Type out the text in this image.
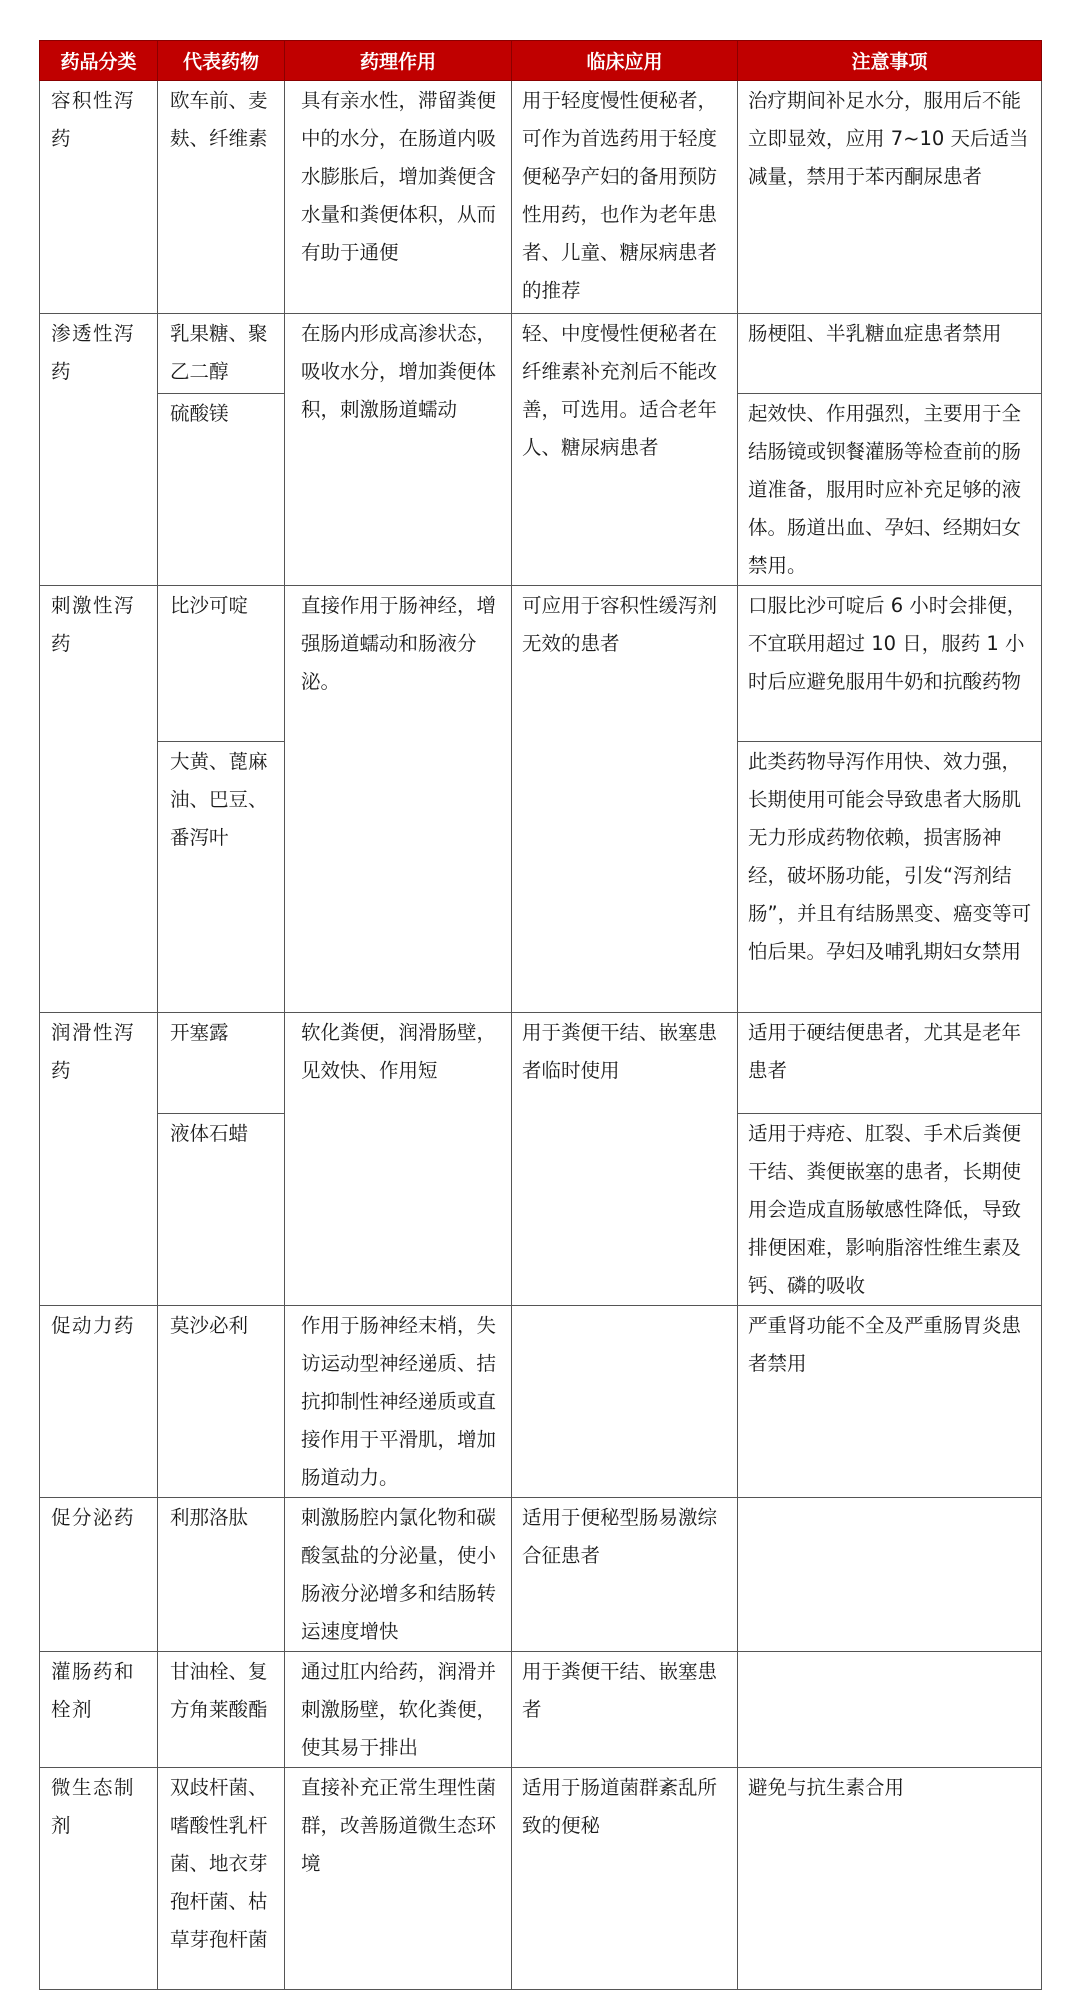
药品分类	代表药物	药理作用	临床应用	注意事项

容积性泻药	欧车前、麦麸、纤维素	具有亲水性，滞留粪便中的水分，在肠道内吸水膨胀后，增加粪便含水量和粪便体积，从而有助于通便	用于轻度慢性便秘者，可作为首选药用于轻度便秘孕产妇的备用预防性用药，也作为老年患者、儿童、糖尿病患者的推荐	治疗期间补足水分，服用后不能立即显效，应用 7~10 天后适当减量，禁用于苯丙酮尿患者

渗透性泻药	乳果糖、聚乙二醇	在肠内形成高渗状态，吸收水分，增加粪便体积，刺激肠道蠕动	轻、中度慢性便秘者在纤维素补充剂后不能改善，可选用。适合老年人、糖尿病患者	肠梗阻、半乳糖血症患者禁用

	硫酸镁			起效快、作用强烈，主要用于全结肠镜或钡餐灌肠等检查前的肠道准备，服用时应补充足够的液体。肠道出血、孕妇、经期妇女禁用。

刺激性泻药	比沙可啶	直接作用于肠神经，增强肠道蠕动和肠液分泌。	可应用于容积性缓泻剂无效的患者	口服比沙可啶后 6 小时会排便，不宜联用超过 10 日，服药 1 小时后应避免服用牛奶和抗酸药物

	大黄、蓖麻油、巴豆、番泻叶			此类药物导泻作用快、效力强，长期使用可能会导致患者大肠肌无力形成药物依赖，损害肠神经，破坏肠功能，引发“泻剂结肠”，并且有结肠黑变、癌变等可怕后果。孕妇及哺乳期妇女禁用

润滑性泻药	开塞露	软化粪便，润滑肠壁，见效快、作用短	用于粪便干结、嵌塞患者临时使用	适用于硬结便患者，尤其是老年患者

	液体石蜡			适用于痔疮、肛裂、手术后粪便干结、粪便嵌塞的患者，长期使用会造成直肠敏感性降低，导致排便困难，影响脂溶性维生素及钙、磷的吸收

促动力药	莫沙必利	作用于肠神经末梢，失访运动型神经递质、拮抗抑制性神经递质或直接作用于平滑肌，增加肠道动力。		严重肾功能不全及严重肠胃炎患者禁用

促分泌药	利那洛肽	刺激肠腔内氯化物和碳酸氢盐的分泌量，使小肠液分泌增多和结肠转运速度增快	适用于便秘型肠易激综合征患者	

灌肠药和栓剂	甘油栓、复方角莱酸酯	通过肛内给药，润滑并刺激肠壁，软化粪便，使其易于排出	用于粪便干结、嵌塞患者	

微生态制剂	双歧杆菌、嗜酸性乳杆菌、地衣芽孢杆菌、枯草芽孢杆菌	直接补充正常生理性菌群，改善肠道微生态环境	适用于肠道菌群紊乱所致的便秘	避免与抗生素合用
